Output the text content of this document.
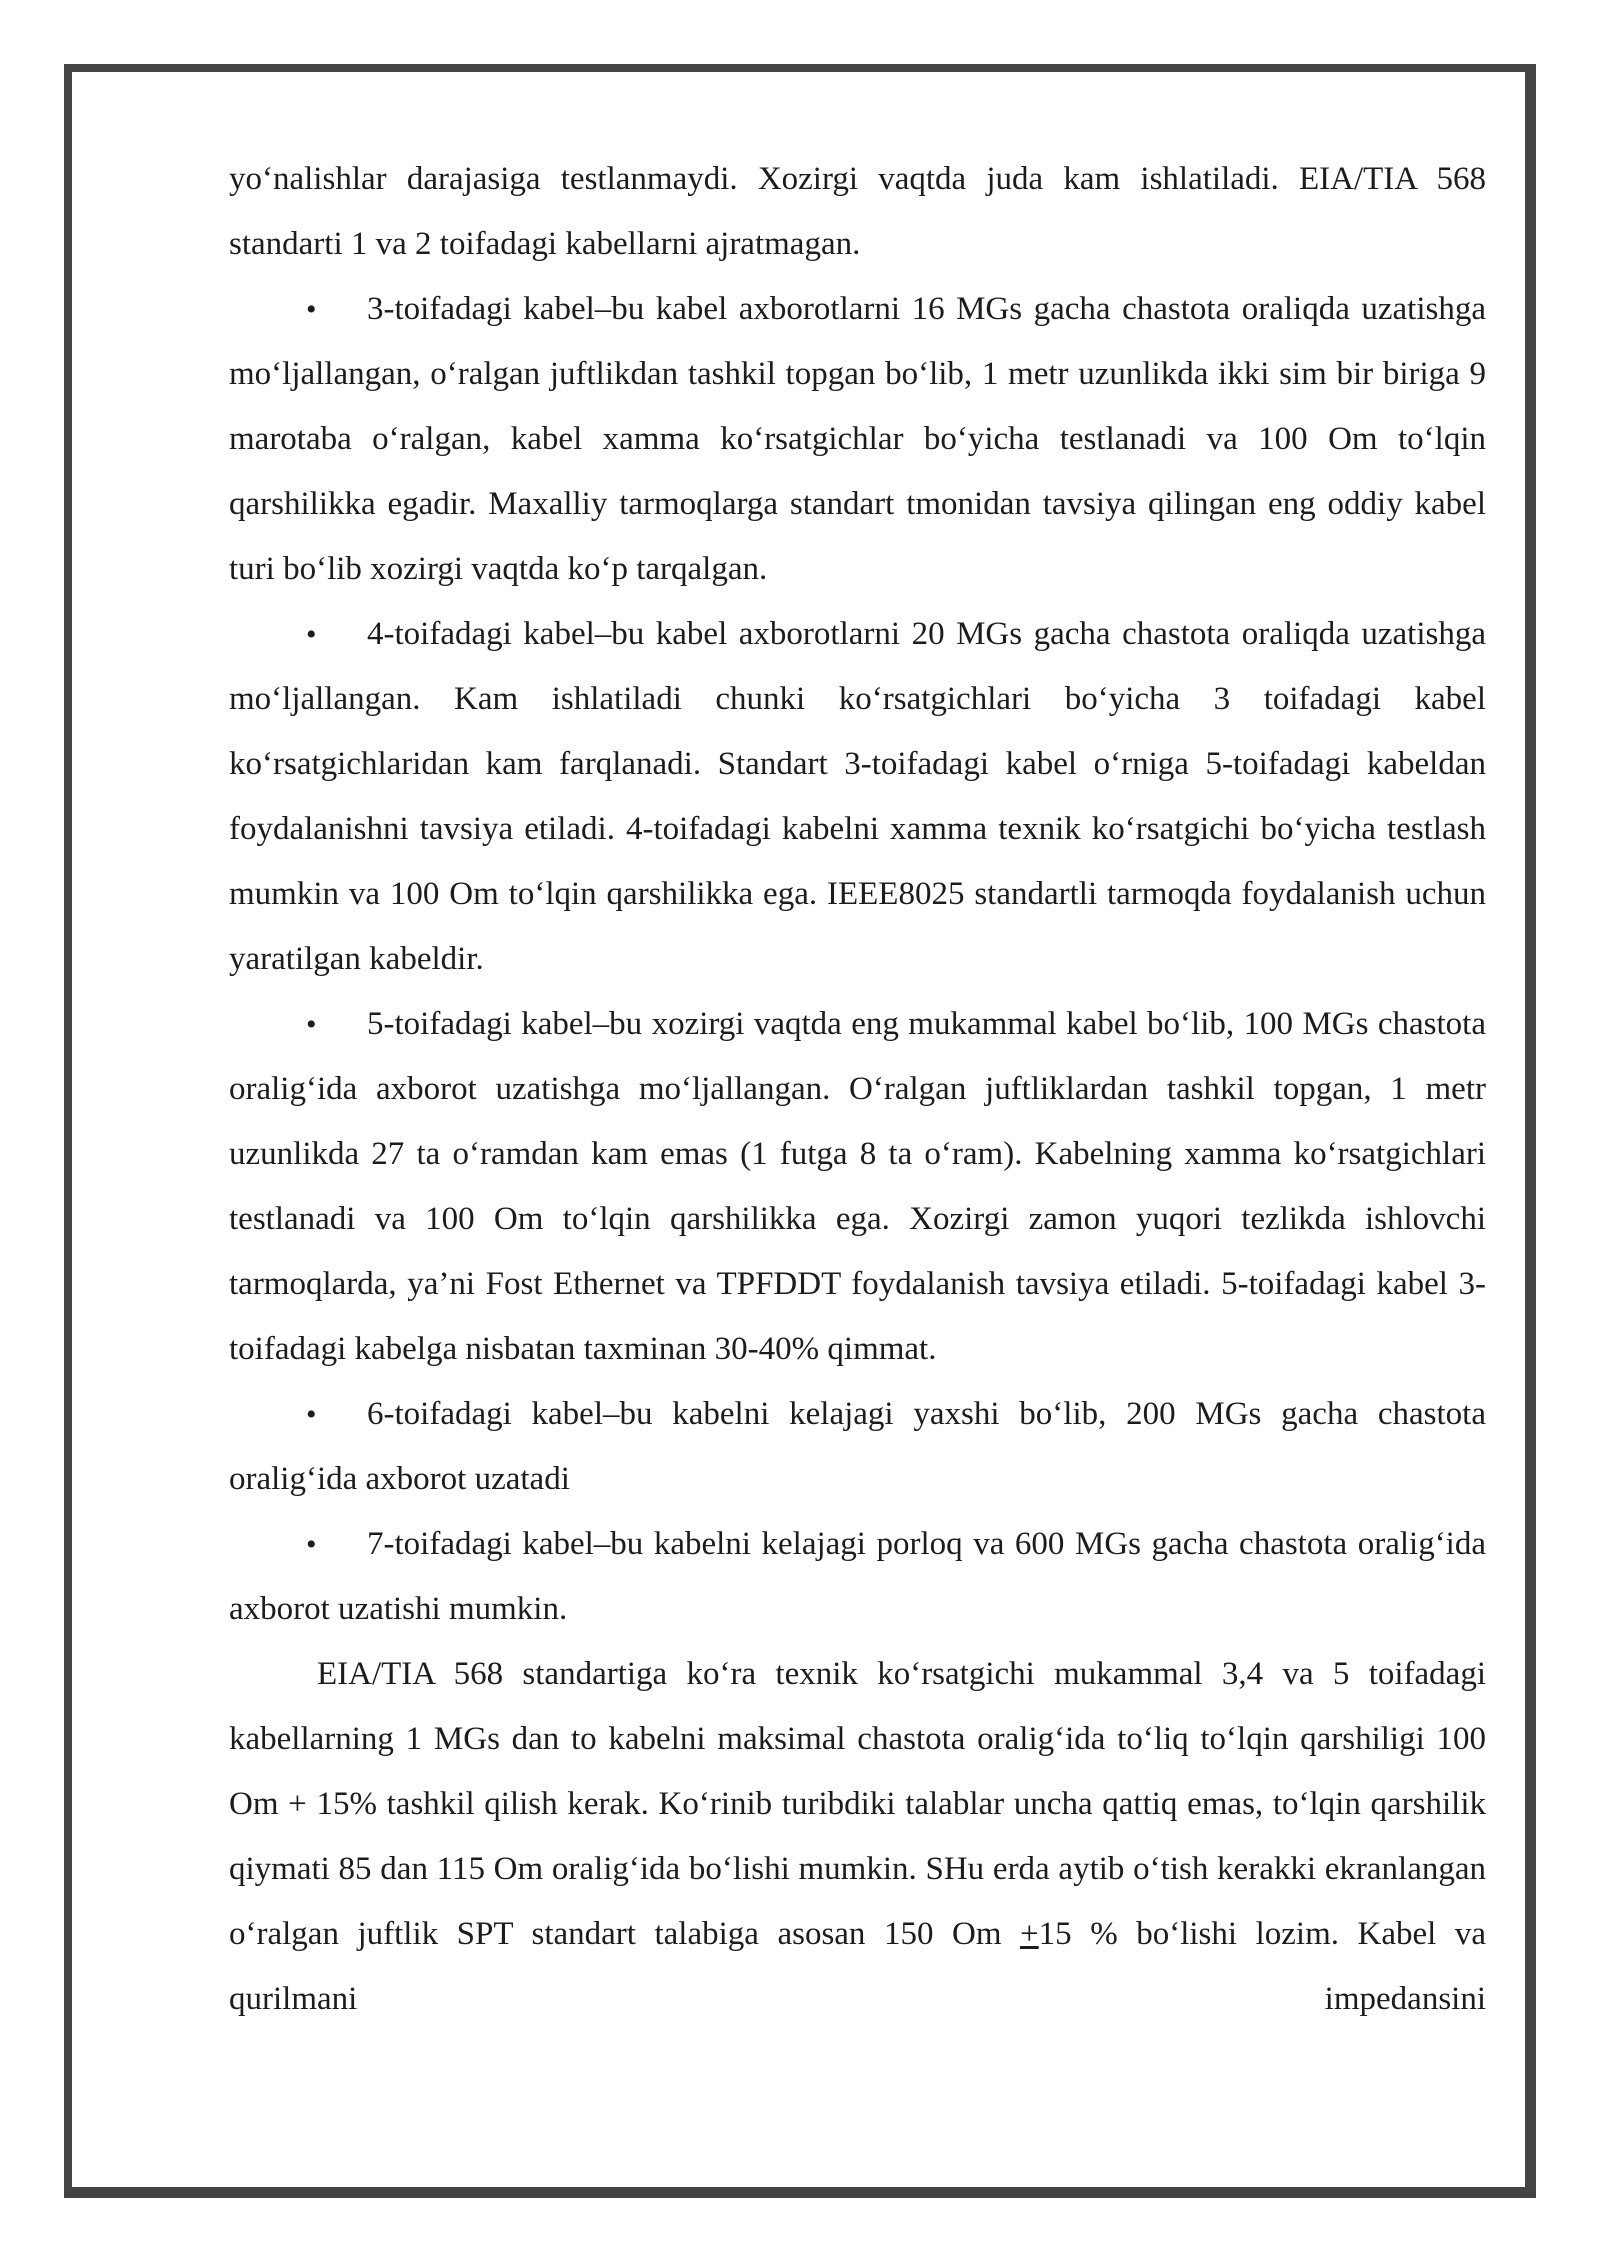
yo‘nalishlar darajasiga testlanmaydi. Xozirgi vaqtda juda kam ishlatiladi. EIA/TIA 568 standarti 1 va 2 toifadagi kabellarni ajratmagan.

• 3-toifadagi kabel–bu kabel axborotlarni 16 MGs gacha chastota oraliqda uzatishga mo‘ljallangan, o‘ralgan juftlikdan tashkil topgan bo‘lib, 1 metr uzunlikda ikki sim bir biriga 9 marotaba o‘ralgan, kabel xamma ko‘rsatgichlar bo‘yicha testlanadi va 100 Om to‘lqin qarshilikka egadir. Maxalliy tarmoqlarga standart tmonidan tavsiya qilingan eng oddiy kabel turi bo‘lib xozirgi vaqtda ko‘p tarqalgan.

• 4-toifadagi kabel–bu kabel axborotlarni 20 MGs gacha chastota oraliqda uzatishga mo‘ljallangan. Kam ishlatiladi chunki ko‘rsatgichlari bo‘yicha 3 toifadagi kabel ko‘rsatgichlaridan kam farqlanadi. Standart 3-toifadagi kabel o‘rniga 5-toifadagi kabeldan foydalanishni tavsiya etiladi. 4-toifadagi kabelni xamma texnik ko‘rsatgichi bo‘yicha testlash mumkin va 100 Om to‘lqin qarshilikka ega. IEEE8025 standartli tarmoqda foydalanish uchun yaratilgan kabeldir.

• 5-toifadagi kabel–bu xozirgi vaqtda eng mukammal kabel bo‘lib, 100 MGs chastota oralig‘ida axborot uzatishga mo‘ljallangan. O‘ralgan juftliklardan tashkil topgan, 1 metr uzunlikda 27 ta o‘ramdan kam emas (1 futga 8 ta o‘ram). Kabelning xamma ko‘rsatgichlari testlanadi va 100 Om to‘lqin qarshilikka ega. Xozirgi zamon yuqori tezlikda ishlovchi tarmoqlarda, ya’ni Fost Ethernet va TPFDDT foydalanish tavsiya etiladi. 5-toifadagi kabel 3-toifadagi kabelga nisbatan taxminan 30-40% qimmat.

• 6-toifadagi kabel–bu kabelni kelajagi yaxshi bo‘lib, 200 MGs gacha chastota oralig‘ida axborot uzatadi

• 7-toifadagi kabel–bu kabelni kelajagi porloq va 600 MGs gacha chastota oralig‘ida axborot uzatishi mumkin.

EIA/TIA 568 standartiga ko‘ra texnik ko‘rsatgichi mukammal 3,4 va 5 toifadagi kabellarning 1 MGs dan to kabelni maksimal chastota oralig‘ida to‘liq to‘lqin qarshiligi 100 Om + 15% tashkil qilish kerak. Ko‘rinib turibdiki talablar uncha qattiq emas, to‘lqin qarshilik qiymati 85 dan 115 Om oralig‘ida bo‘lishi mumkin. SHu erda aytib o‘tish kerakki ekranlangan o‘ralgan juftlik SPT standart talabiga asosan 150 Om +15 % bo‘lishi lozim. Kabel va qurilmani impedansini
